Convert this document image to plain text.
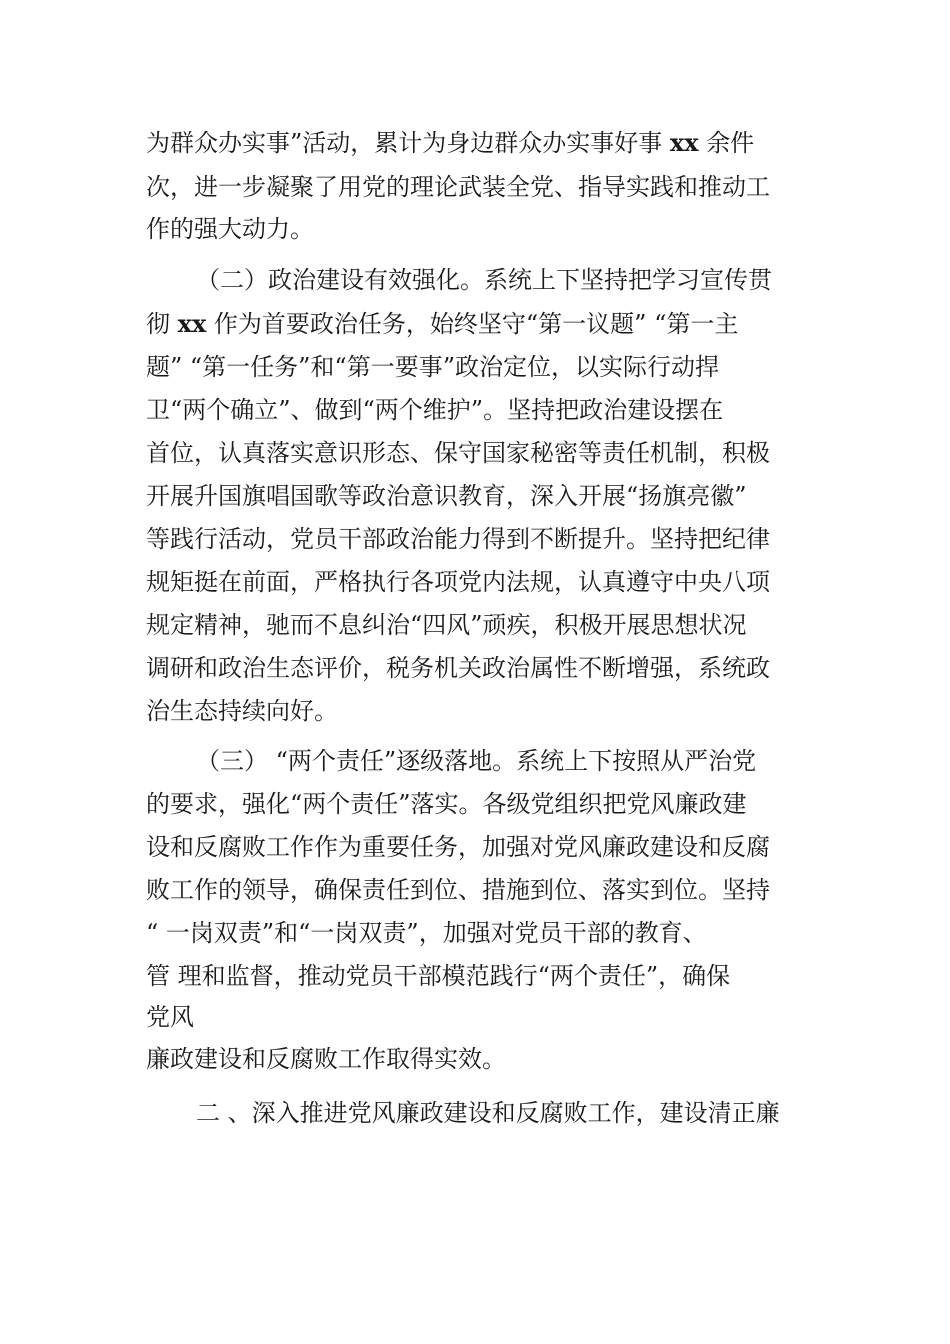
为群众办实事”活动，累计为身边群众办实事好事 xx 余件
次，进一步凝聚了用党的理论武装全党、指导实践和推动工
作的强大动力。
（二）政治建设有效强化。系统上下坚持把学习宣传贯
彻 xx 作为首要政治任务，始终坚守“第一议题” “第一主
题” “第一任务”和“第一要事”政治定位，以实际行动捍
卫“两个确立”、做到“两个维护”。坚持把政治建设摆在
首位，认真落实意识形态、保守国家秘密等责任机制，积极
开展升国旗唱国歌等政治意识教育，深入开展“扬旗亮徽”
等践行活动，党员干部政治能力得到不断提升。坚持把纪律
规矩挺在前面，严格执行各项党内法规，认真遵守中央八项
规定精神，驰而不息纠治“四风”顽疾，积极开展思想状况
调研和政治生态评价，税务机关政治属性不断增强，系统政
治生态持续向好。
（三） “两个责任”逐级落地。系统上下按照从严治党
的要求，强化“两个责任”落实。各级党组织把党风廉政建
设和反腐败工作作为重要任务，加强对党风廉政建设和反腐
败工作的领导，确保责任到位、措施到位、落实到位。坚持
“ 一岗双责”和“一岗双责”，加强对党员干部的教育、
管 理和监督，推动党员干部模范践行“两个责任”，确保
党风
廉政建设和反腐败工作取得实效。
二 、深入推进党风廉政建设和反腐败工作，建设清正廉
